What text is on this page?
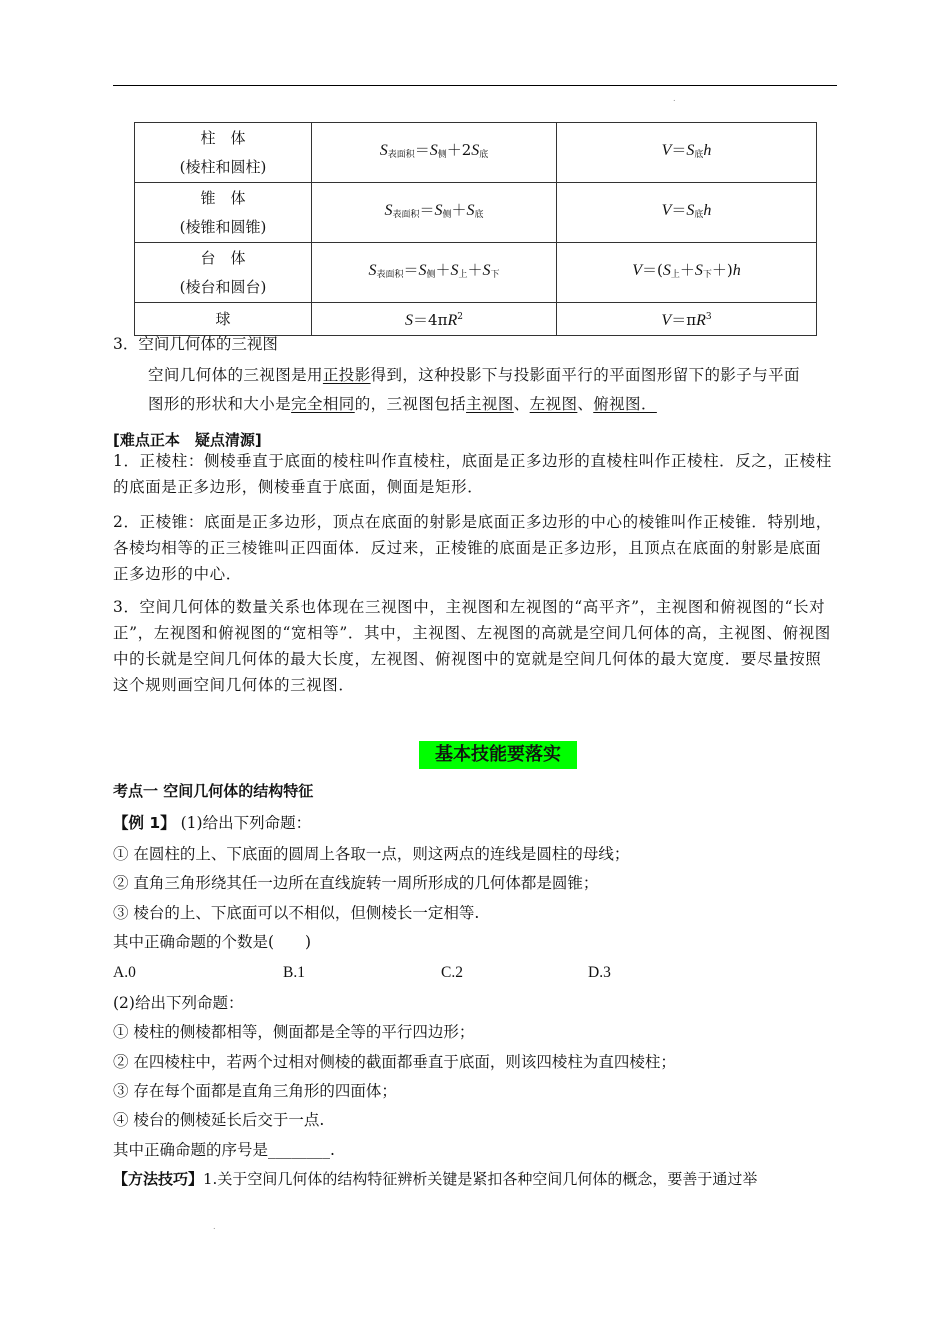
.
柱　体
(棱柱和圆柱)	$S_{表面积}=S_侧+2S_底$	$V=S_底h$

锥　体
(棱锥和圆锥)	$S_{表面积}=S_侧+S_底$	$V=S_底h$

台　体
(棱台和圆台)	$S_{表面积}=S_侧+S_上+S_下$	$V=(S_上+S_下+)h$
球	$S=4\pi R^2$	$V=\pi R^3$
3．空间几何体的三视图
空间几何体的三视图是用正投影得到，这种投影下与投影面平行的平面图形留下的影子与平面
图形的形状和大小是完全相同的，三视图包括主视图、左视图、俯视图．
[难点正本　疑点清源]
1．正棱柱：侧棱垂直于底面的棱柱叫作直棱柱，底面是正多边形的直棱柱叫作正棱柱．反之，正棱柱的底面是正多边形，侧棱垂直于底面，侧面是矩形．
2．正棱锥：底面是正多边形，顶点在底面的射影是底面正多边形的中心的棱锥叫作正棱锥．特别地，各棱均相等的正三棱锥叫正四面体．反过来，正棱锥的底面是正多边形，且顶点在底面的射影是底面正多边形的中心．
3．空间几何体的数量关系也体现在三视图中，主视图和左视图的“高平齐”，主视图和俯视图的“长对正”，左视图和俯视图的“宽相等”．其中，主视图、左视图的高就是空间几何体的高，主视图、俯视图中的长就是空间几何体的最大长度，左视图、俯视图中的宽就是空间几何体的最大宽度．要尽量按照这个规则画空间几何体的三视图．
基本技能要落实
考点一 空间几何体的结构特征
【例 1】 (1)给出下列命题：
① 在圆柱的上、下底面的圆周上各取一点，则这两点的连线是圆柱的母线；
② 直角三角形绕其任一边所在直线旋转一周所形成的几何体都是圆锥；
③ 棱台的上、下底面可以不相似，但侧棱长一定相等.
其中正确命题的个数是(　　)
A.0	B.1	C.2	D.3
(2)给出下列命题：
① 棱柱的侧棱都相等，侧面都是全等的平行四边形；
② 在四棱柱中，若两个过相对侧棱的截面都垂直于底面，则该四棱柱为直四棱柱；
③ 存在每个面都是直角三角形的四面体；
④ 棱台的侧棱延长后交于一点.
其中正确命题的序号是________.
【方法技巧】1.关于空间几何体的结构特征辨析关键是紧扣各种空间几何体的概念，要善于通过举
.
